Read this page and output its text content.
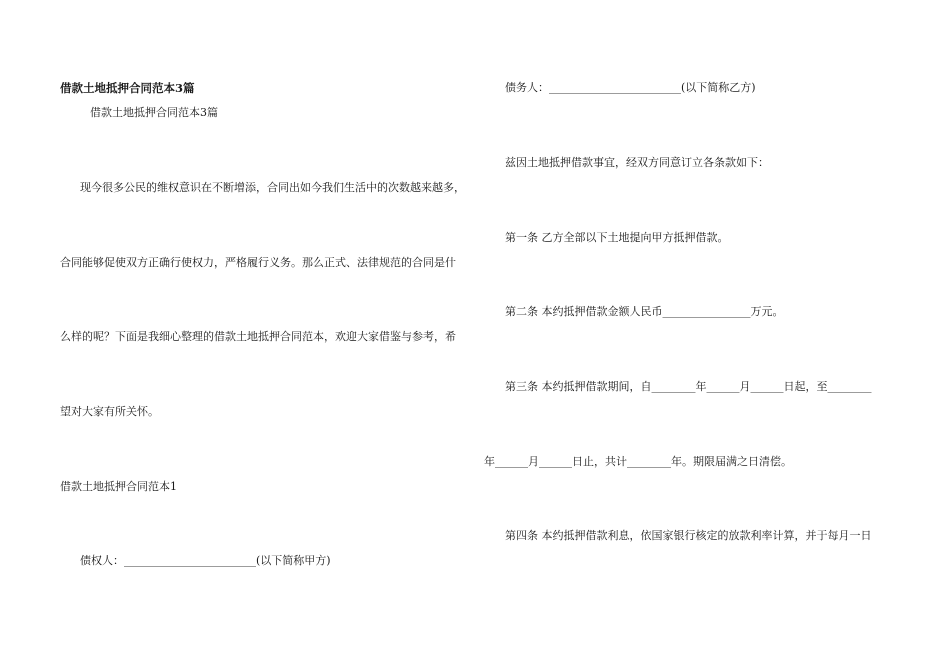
借款土地抵押合同范本3篇

借款土地抵押合同范本3篇

现今很多公民的维权意识在不断增添，合同出如今我们生活中的次数越来越多，

合同能够促使双方正确行使权力，严格履行义务。那么正式、法律规范的合同是什

么样的呢？下面是我细心整理的借款土地抵押合同范本，欢迎大家借鉴与参考，希

望对大家有所关怀。

借款土地抵押合同范本1

债权人：________________________(以下简称甲方)

债务人：________________________(以下简称乙方)

兹因土地抵押借款事宜，经双方同意订立各条款如下：

第一条 乙方全部以下土地提向甲方抵押借款。

第二条 本约抵押借款金额人民币________________万元。

第三条 本约抵押借款期间，自________年______月______日起，至________

年______月______日止，共计________年。期限届满之日清偿。

第四条 本约抵押借款利息，依国家银行核定的放款利率计算，并于每月一日
